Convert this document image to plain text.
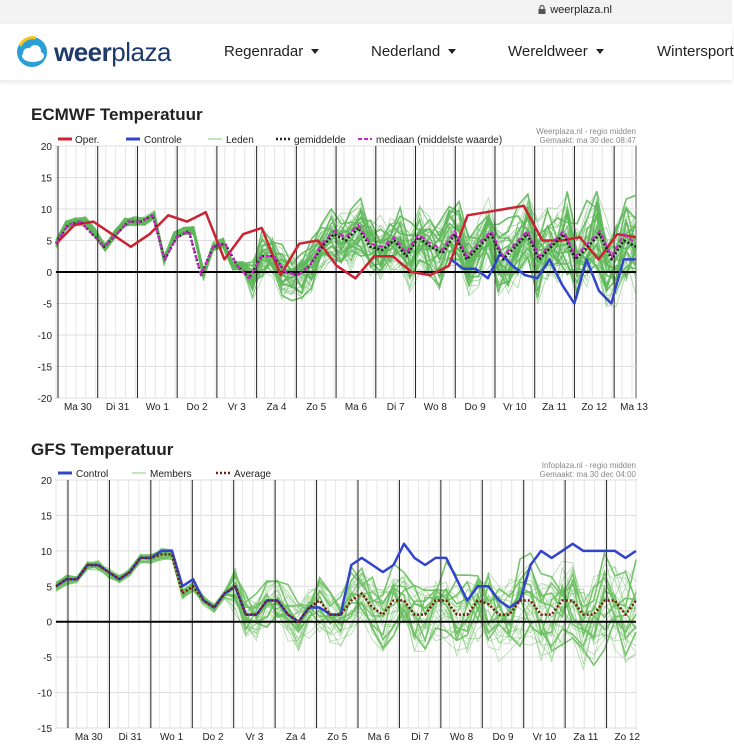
weerplaza.nl
weerplaza	Regenradar	Nederland	Wereldweer	Wintersport
ECMWF Temperatuur
Oper.	Controle	Leden	gemiddelde	mediaan (middelste waarde)
Weerplaza.nl - regio midden
Gemaakt: ma 30 dec 08:47
20
15
10
5
0
-5
-10
-15
-20
Ma 30 Di 31 Wo 1 Do 2 Vr 3 Za 4 Zo 5 Ma 6 Di 7 Wo 8 Do 9 Vr 10 Za 11 Zo 12 Ma 13
GFS Temperatuur
Control	Members	Average
Infoplaza.nl - regio midden
Gemaakt: ma 30 dec 04:00
20
15
10
5
0
-5
-10
-15
Ma 30 Di 31 Wo 1 Do 2 Vr 3 Za 4 Zo 5 Ma 6 Di 7 Wo 8 Do 9 Vr 10 Za 11 Zo 12
